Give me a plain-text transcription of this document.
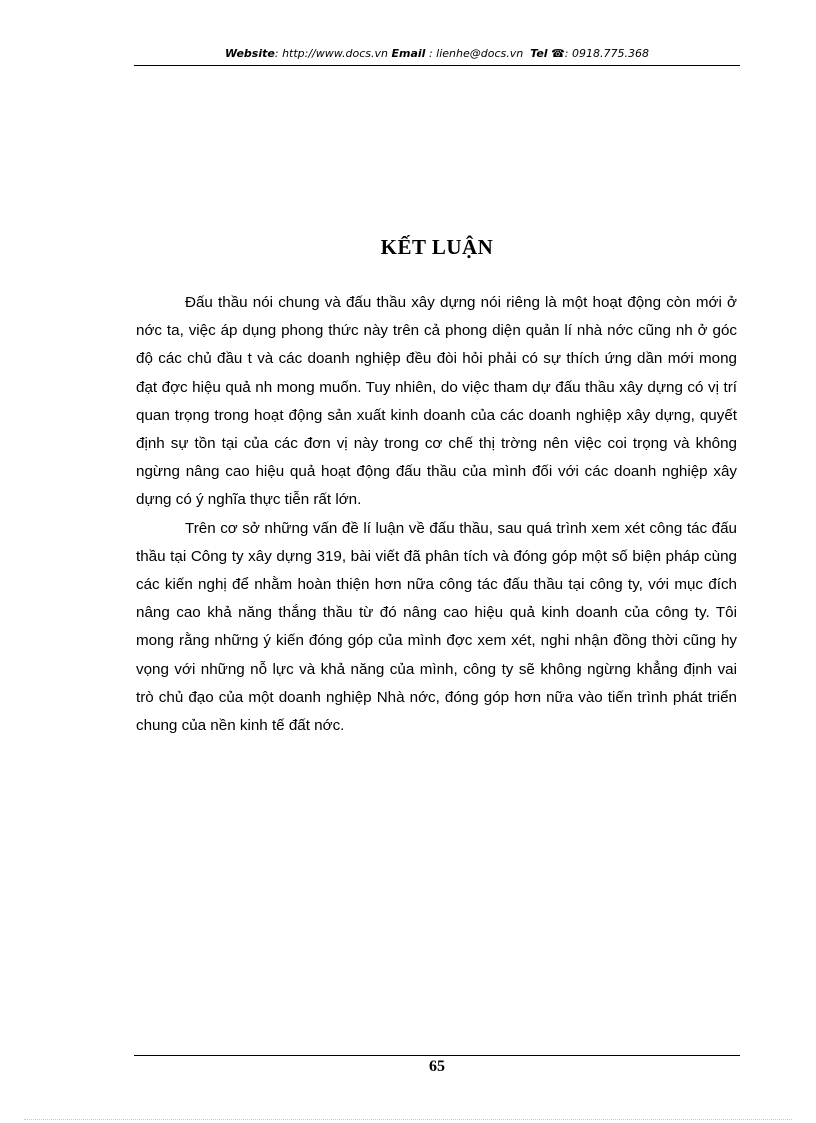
Website: http://www.docs.vn Email : lienhe@docs.vn Tel ☎: 0918.775.368
KẾT LUẬN

Đấu thầu nói chung và đấu thầu xây dựng nói riêng là một hoạt động còn mới ở nớc ta, việc áp dụng phong thức này trên cả phong diện quản lí nhà nớc cũng nh ở góc độ các chủ đầu t và các doanh nghiệp đều đòi hỏi phải có sự thích ứng dần mới mong đạt đợc hiệu quả nh mong muốn. Tuy nhiên, do việc tham dự đấu thầu xây dựng có vị trí quan trọng trong hoạt động sản xuất kinh doanh của các doanh nghiệp xây dựng, quyết định sự tồn tại của các đơn vị này trong cơ chế thị trờng nên việc coi trọng và không ngừng nâng cao hiệu quả hoạt động đấu thầu của mình đối với các doanh nghiệp xây dựng có ý nghĩa thực tiễn rất lớn.

Trên cơ sở những vấn đề lí luận về đấu thầu, sau quá trình xem xét công tác đấu thầu tại Công ty xây dựng 319, bài viết đã phân tích và đóng góp một số biện pháp cùng các kiến nghị để nhằm hoàn thiện hơn nữa công tác đấu thầu tại công ty, với mục đích nâng cao khả năng thắng thầu từ đó nâng cao hiệu quả kinh doanh của công ty. Tôi mong rằng những ý kiến đóng góp của mình đợc xem xét, nghi nhận đồng thời cũng hy vọng với những nỗ lực và khả năng của mình, công ty sẽ không ngừng khẳng định vai trò chủ đạo của một doanh nghiệp Nhà nớc, đóng góp hơn nữa vào tiến trình phát triển chung của nền kinh tế đất nớc.

65
